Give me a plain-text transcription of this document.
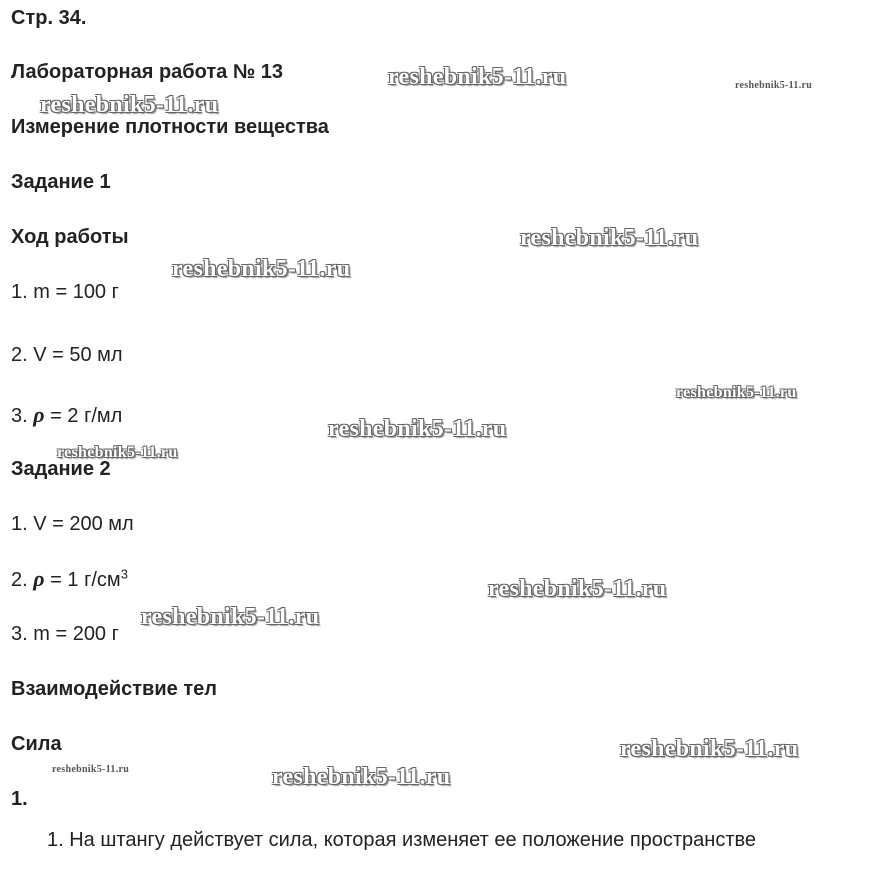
Стр. 34.
Лабораторная работа № 13
Измерение плотности вещества
Задание 1
Ход работы
1. m = 100 г
2. V = 50 мл
3. ρ = 2 г/мл
Задание 2
1. V = 200 мл
2. ρ = 1 $г/см^3$
3. m = 200 г
Взаимодействие тел
Сила
1.
1. На штангу действует сила, которая изменяет ее положение пространстве
reshebnik5-11.ru	reshebnik5-11.ru
reshebnik5-11.ru
reshebnik5-11.ru
reshebnik5-11.ru
reshebnik5-11.ru
reshebnik5-11.ru
reshebnik5-11.ru
reshebnik5-11.ru
reshebnik5-11.ru
reshebnik5-11.ru
reshebnik5-11.ru	reshebnik5-11.ru
